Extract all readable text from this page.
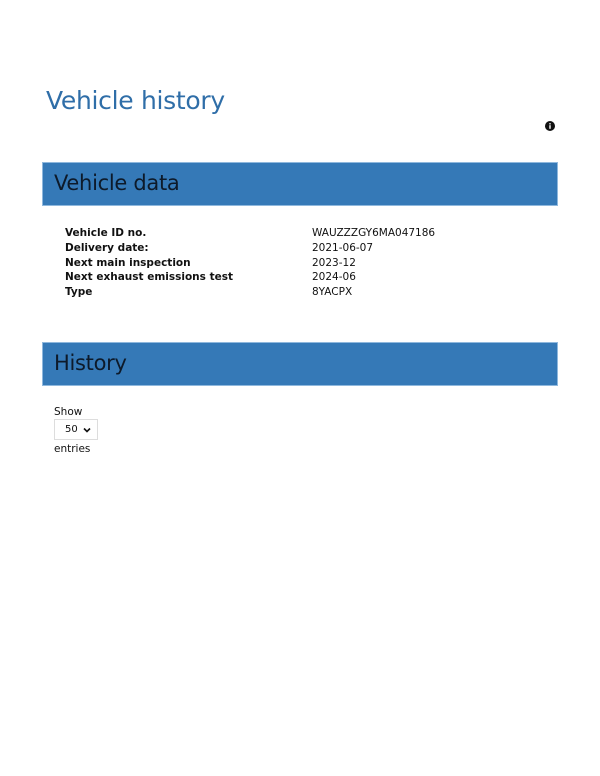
Vehicle history
Vehicle data
Vehicle ID no.	WAUZZZGY6MA047186
Delivery date:	2021-06-07
Next main inspection	2023-12
Next exhaust emissions test	2024-06
Type	8YACPX
History
Show
50
entries
